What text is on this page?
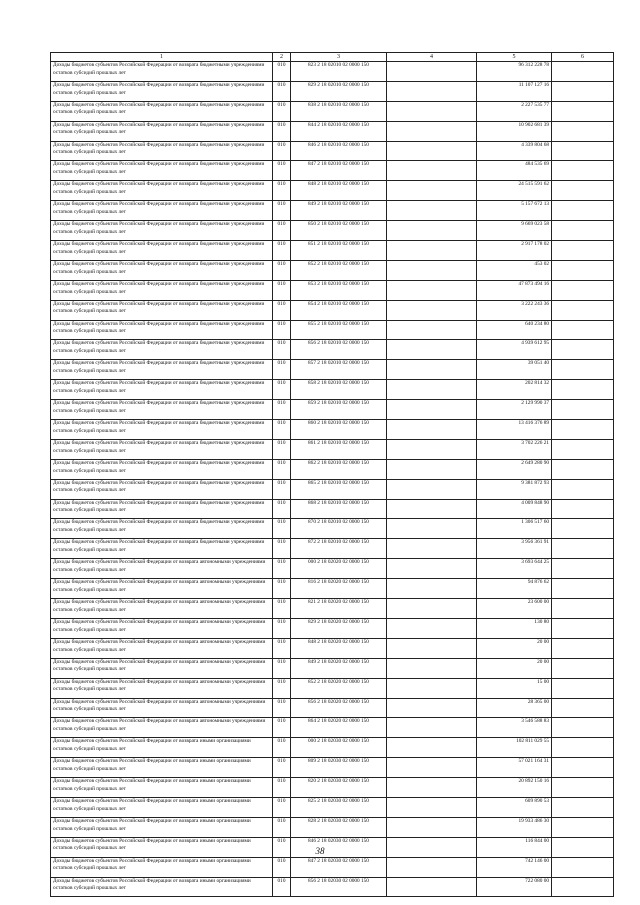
1	2	3	4	5	6
Доходы бюджетов субъектов Российской Федерации от возврата бюджетными учреждениями остатков субсидий прошлых лет	010	823 2 18 02010 02 0000 150		96 312 228 78	
Доходы бюджетов субъектов Российской Федерации от возврата бюджетными учреждениями остатков субсидий прошлых лет	010	829 2 18 02010 02 0000 150		11 107 127 16	
Доходы бюджетов субъектов Российской Федерации от возврата бюджетными учреждениями остатков субсидий прошлых лет	010	838 2 18 02010 02 0000 150		2 227 535 77	
Доходы бюджетов субъектов Российской Федерации от возврата бюджетными учреждениями остатков субсидий прошлых лет	010	844 2 18 02010 02 0000 150		10 902 681 39	
Доходы бюджетов субъектов Российской Федерации от возврата бюджетными учреждениями остатков субсидий прошлых лет	010	846 2 18 02010 02 0000 150		4 339 804 68	
Доходы бюджетов субъектов Российской Федерации от возврата бюджетными учреждениями остатков субсидий прошлых лет	010	847 2 18 02010 02 0000 150		484 535 69	
Доходы бюджетов субъектов Российской Федерации от возврата бюджетными учреждениями остатков субсидий прошлых лет	010	848 2 18 02010 02 0000 150		24 515 591 62	
Доходы бюджетов субъектов Российской Федерации от возврата бюджетными учреждениями остатков субсидий прошлых лет	010	849 2 18 02010 02 0000 150		5 157 672 13	
Доходы бюджетов субъектов Российской Федерации от возврата бюджетными учреждениями остатков субсидий прошлых лет	010	850 2 18 02010 02 0000 150		9 669 023 58	
Доходы бюджетов субъектов Российской Федерации от возврата бюджетными учреждениями остатков субсидий прошлых лет	010	851 2 18 02010 02 0000 150		2 917 178 02	
Доходы бюджетов субъектов Российской Федерации от возврата бюджетными учреждениями остатков субсидий прошлых лет	010	852 2 18 02010 02 0000 150		453 02	
Доходы бюджетов субъектов Российской Федерации от возврата бюджетными учреждениями остатков субсидий прошлых лет	010	853 2 18 02010 02 0000 150		47 873 494 16	
Доходы бюджетов субъектов Российской Федерации от возврата бюджетными учреждениями остатков субсидий прошлых лет	010	854 2 18 02010 02 0000 150		3 222 243 36	
Доходы бюджетов субъектов Российской Федерации от возврата бюджетными учреждениями остатков субсидий прошлых лет	010	855 2 18 02010 02 0000 150		640 234 80	
Доходы бюджетов субъектов Российской Федерации от возврата бюджетными учреждениями остатков субсидий прошлых лет	010	856 2 18 02010 02 0000 150		4 939 612 95	
Доходы бюджетов субъектов Российской Федерации от возврата бюджетными учреждениями остатков субсидий прошлых лет	010	857 2 18 02010 02 0000 150		39 051 40	
Доходы бюджетов субъектов Российской Федерации от возврата бюджетными учреждениями остатков субсидий прошлых лет	010	858 2 18 02010 02 0000 150		202 814 32	
Доходы бюджетов субъектов Российской Федерации от возврата бюджетными учреждениями остатков субсидий прошлых лет	010	859 2 18 02010 02 0000 150		2 129 990 37	
Доходы бюджетов субъектов Российской Федерации от возврата бюджетными учреждениями остатков субсидий прошлых лет	010	860 2 18 02010 02 0000 150		13 416 376 89	
Доходы бюджетов субъектов Российской Федерации от возврата бюджетными учреждениями остатков субсидий прошлых лет	010	861 2 18 02010 02 0000 150		3 702 226 21	
Доходы бюджетов субъектов Российской Федерации от возврата бюджетными учреждениями остатков субсидий прошлых лет	010	862 2 18 02010 02 0000 150		2 649 280 90	
Доходы бюджетов субъектов Российской Федерации от возврата бюджетными учреждениями остатков субсидий прошлых лет	010	865 2 18 02010 02 0000 150		9 381 872 93	
Доходы бюджетов субъектов Российской Федерации от возврата бюджетными учреждениями остатков субсидий прошлых лет	010	868 2 18 02010 02 0000 150		4 009 848 90	
Доходы бюджетов субъектов Российской Федерации от возврата бюджетными учреждениями остатков субсидий прошлых лет	010	870 2 18 02010 02 0000 150		1 306 517 60	
Доходы бюджетов субъектов Российской Федерации от возврата бюджетными учреждениями остатков субсидий прошлых лет	010	872 2 18 02010 02 0000 150		3 956 361 91	
Доходы бюджетов субъектов Российской Федерации от возврата автономными учреждениями остатков субсидий прошлых лет	010	000 2 18 02020 02 0000 150		3 693 644 25	
Доходы бюджетов субъектов Российской Федерации от возврата автономными учреждениями остатков субсидий прошлых лет	010	816 2 18 02020 02 0000 150		94 876 62	
Доходы бюджетов субъектов Российской Федерации от возврата автономными учреждениями остатков субсидий прошлых лет	010	821 2 18 02020 02 0000 150		23 600 00	
Доходы бюджетов субъектов Российской Федерации от возврата автономными учреждениями остатков субсидий прошлых лет	010	829 2 18 02020 02 0000 150		130 80	
Доходы бюджетов субъектов Российской Федерации от возврата автономными учреждениями остатков субсидий прошлых лет	010	848 2 18 02020 02 0000 150		20 00	
Доходы бюджетов субъектов Российской Федерации от возврата автономными учреждениями остатков субсидий прошлых лет	010	849 2 18 02020 02 0000 150		20 00	
Доходы бюджетов субъектов Российской Федерации от возврата автономными учреждениями остатков субсидий прошлых лет	010	852 2 18 02020 02 0000 150		15 00	
Доходы бюджетов субъектов Российской Федерации от возврата автономными учреждениями остатков субсидий прошлых лет	010	856 2 18 02020 02 0000 150		28 365 00	
Доходы бюджетов субъектов Российской Федерации от возврата автономными учреждениями остатков субсидий прошлых лет	010	864 2 18 02020 02 0000 150		3 546 588 83	
Доходы бюджетов субъектов Российской Федерации от возврата иными организациями остатков субсидий прошлых лет	010	000 2 18 02030 02 0000 150		102 811 029 55	
Доходы бюджетов субъектов Российской Федерации от возврата иными организациями остатков субсидий прошлых лет	010	809 2 18 02030 02 0000 150		57 021 164 31	
Доходы бюджетов субъектов Российской Федерации от возврата иными организациями остатков субсидий прошлых лет	010	820 2 18 02030 02 0000 150		20 892 150 16	
Доходы бюджетов субъектов Российской Федерации от возврата иными организациями остатков субсидий прошлых лет	010	825 2 18 02030 02 0000 150		609 890 53	
Доходы бюджетов субъектов Российской Федерации от возврата иными организациями остатков субсидий прошлых лет	010	828 2 18 02030 02 0000 150		19 933 486 30	
Доходы бюджетов субъектов Российской Федерации от возврата иными организациями остатков субсидий прошлых лет	010	846 2 18 02030 02 0000 150		116 844 00	
Доходы бюджетов субъектов Российской Федерации от возврата иными организациями остатков субсидий прошлых лет	010	847 2 18 02030 02 0000 150		742 146 00	
Доходы бюджетов субъектов Российской Федерации от возврата иными организациями остатков субсидий прошлых лет	010	856 2 18 02030 02 0000 150		722 080 00	
38
